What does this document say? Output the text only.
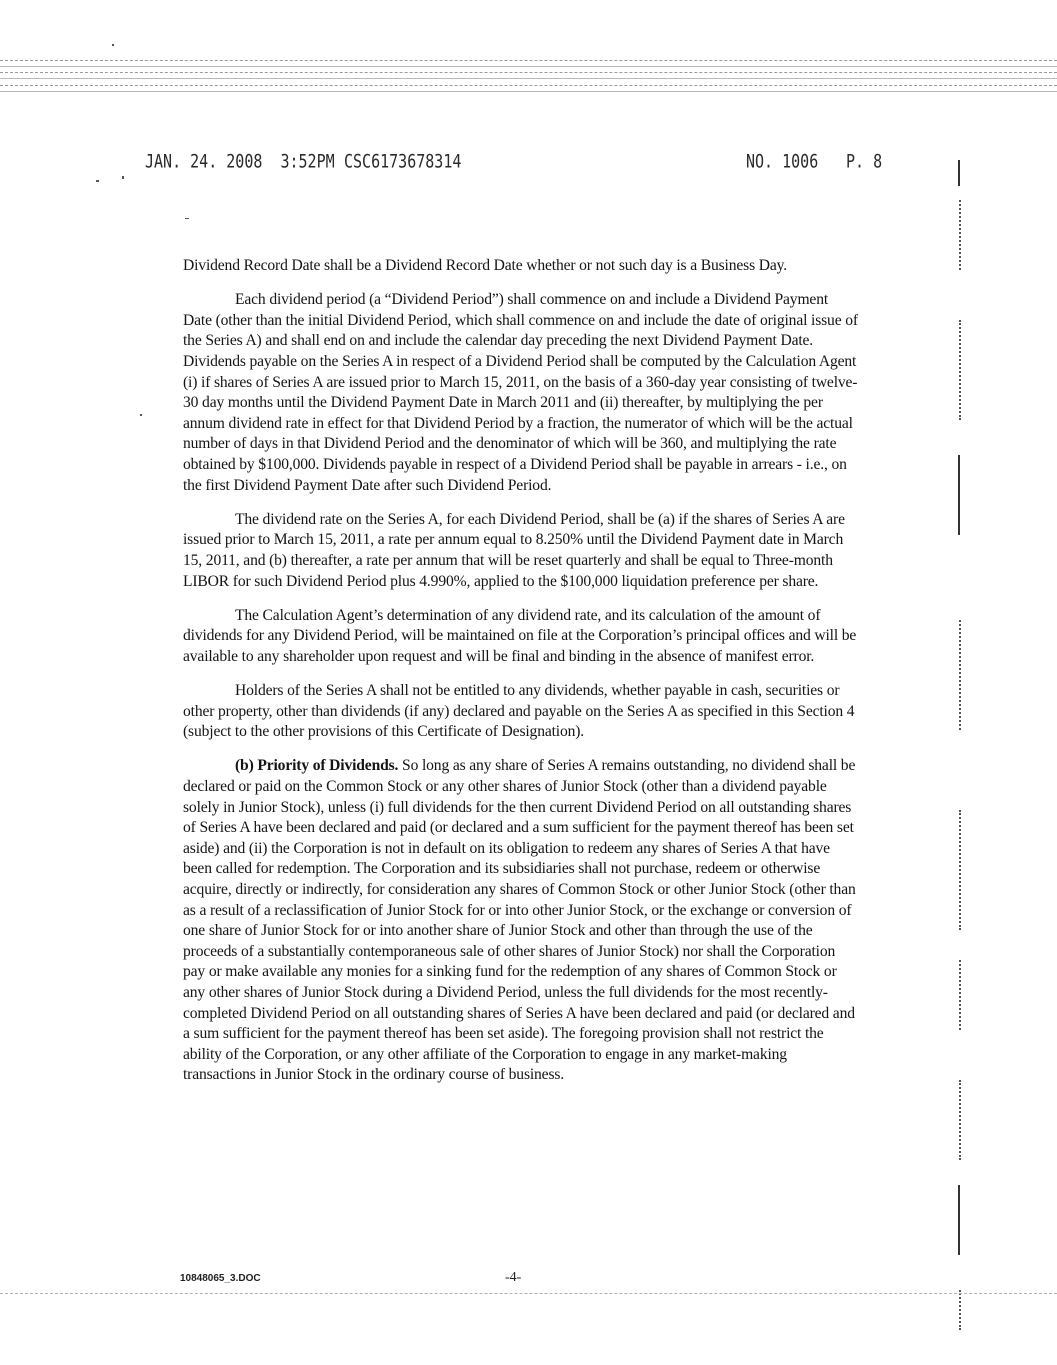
JAN. 24. 2008  3:52PM CSC6173678314	NO. 1006 P. 8

Dividend Record Date shall be a Dividend Record Date whether or not such day is a Business Day.

Each dividend period (a “Dividend Period”) shall commence on and include a Dividend Payment Date (other than the initial Dividend Period, which shall commence on and include the date of original issue of the Series A) and shall end on and include the calendar day preceding the next Dividend Payment Date. Dividends payable on the Series A in respect of a Dividend Period shall be computed by the Calculation Agent (i) if shares of Series A are issued prior to March 15, 2011, on the basis of a 360-day year consisting of twelve-30 day months until the Dividend Payment Date in March 2011 and (ii) thereafter, by multiplying the per annum dividend rate in effect for that Dividend Period by a fraction, the numerator of which will be the actual number of days in that Dividend Period and the denominator of which will be 360, and multiplying the rate obtained by $100,000. Dividends payable in respect of a Dividend Period shall be payable in arrears - i.e., on the first Dividend Payment Date after such Dividend Period.

The dividend rate on the Series A, for each Dividend Period, shall be (a) if the shares of Series A are issued prior to March 15, 2011, a rate per annum equal to 8.250% until the Dividend Payment date in March 15, 2011, and (b) thereafter, a rate per annum that will be reset quarterly and shall be equal to Three-month LIBOR for such Dividend Period plus 4.990%, applied to the $100,000 liquidation preference per share.

The Calculation Agent’s determination of any dividend rate, and its calculation of the amount of dividends for any Dividend Period, will be maintained on file at the Corporation’s principal offices and will be available to any shareholder upon request and will be final and binding in the absence of manifest error.

Holders of the Series A shall not be entitled to any dividends, whether payable in cash, securities or other property, other than dividends (if any) declared and payable on the Series A as specified in this Section 4 (subject to the other provisions of this Certificate of Designation).

(b) Priority of Dividends. So long as any share of Series A remains outstanding, no dividend shall be declared or paid on the Common Stock or any other shares of Junior Stock (other than a dividend payable solely in Junior Stock), unless (i) full dividends for the then current Dividend Period on all outstanding shares of Series A have been declared and paid (or declared and a sum sufficient for the payment thereof has been set aside) and (ii) the Corporation is not in default on its obligation to redeem any shares of Series A that have been called for redemption. The Corporation and its subsidiaries shall not purchase, redeem or otherwise acquire, directly or indirectly, for consideration any shares of Common Stock or other Junior Stock (other than as a result of a reclassification of Junior Stock for or into other Junior Stock, or the exchange or conversion of one share of Junior Stock for or into another share of Junior Stock and other than through the use of the proceeds of a substantially contemporaneous sale of other shares of Junior Stock) nor shall the Corporation pay or make available any monies for a sinking fund for the redemption of any shares of Common Stock or any other shares of Junior Stock during a Dividend Period, unless the full dividends for the most recently-completed Dividend Period on all outstanding shares of Series A have been declared and paid (or declared and a sum sufficient for the payment thereof has been set aside). The foregoing provision shall not restrict the ability of the Corporation, or any other affiliate of the Corporation to engage in any market-making transactions in Junior Stock in the ordinary course of business.

10848065_3.DOC	-4-
